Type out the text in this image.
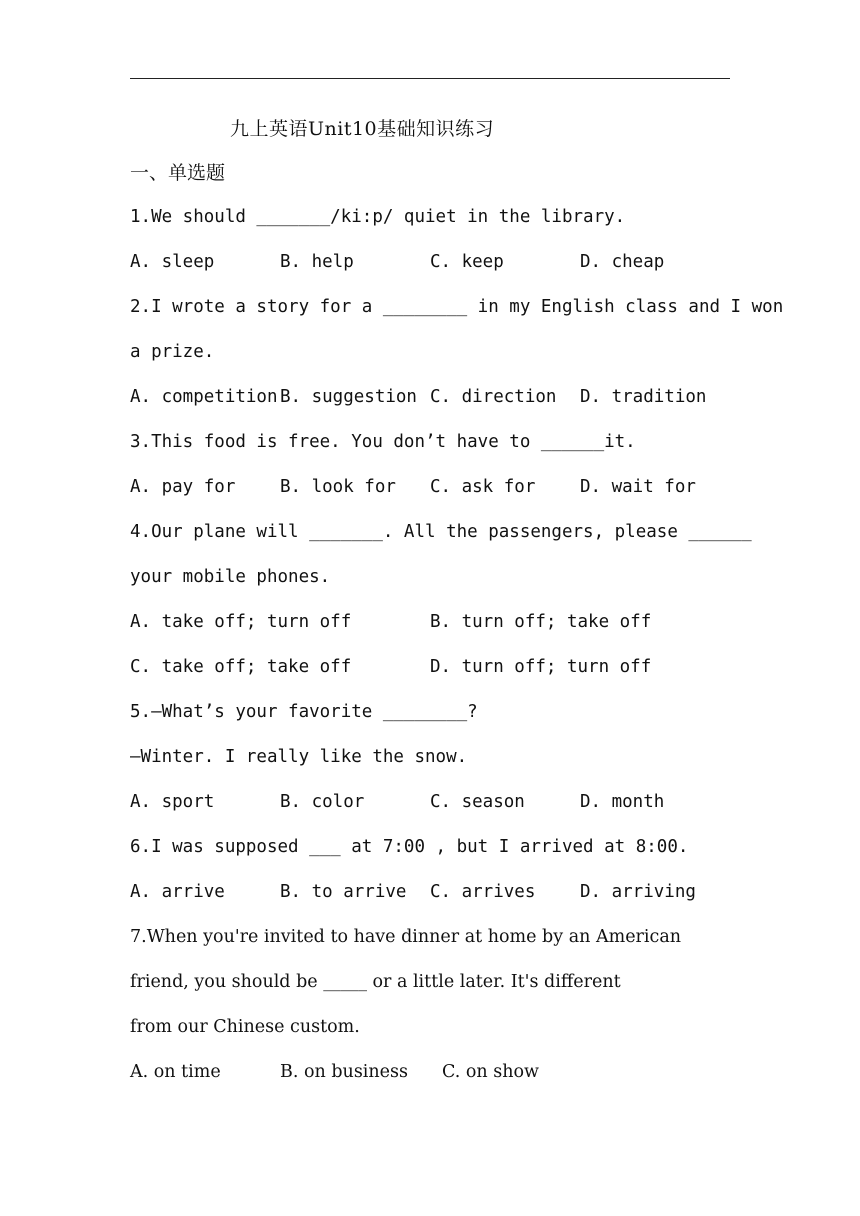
九上英语Unit10基础知识练习
一、单选题
1.We should _______/ki:p/ quiet in the library.
A. sleep	B. help	C. keep	D. cheap
2.I wrote a story for a ________ in my English class and I won
a prize.
A. competition B. suggestion C. direction D. tradition
3.This food is free. You don’t have to ______it.
A. pay for	B. look for C. ask for	D. wait for
4.Our plane will _______. All the passengers, please ______
your mobile phones.
A. take off; turn off	B. turn off; take off
C. take off; take off	D. turn off; turn off
5.—What’s your favorite ________?
—Winter. I really like the snow.
A. sport	B. color	C. season	D. month
6.I was supposed ___ at 7:00 , but I arrived at 8:00.
A. arrive	B. to arrive C. arrives	D. arriving
7.When you're invited to have dinner at home by an American
friend, you should be _____ or a little later. It's different
from our Chinese custom.
A. on time	B. on business C. on show
